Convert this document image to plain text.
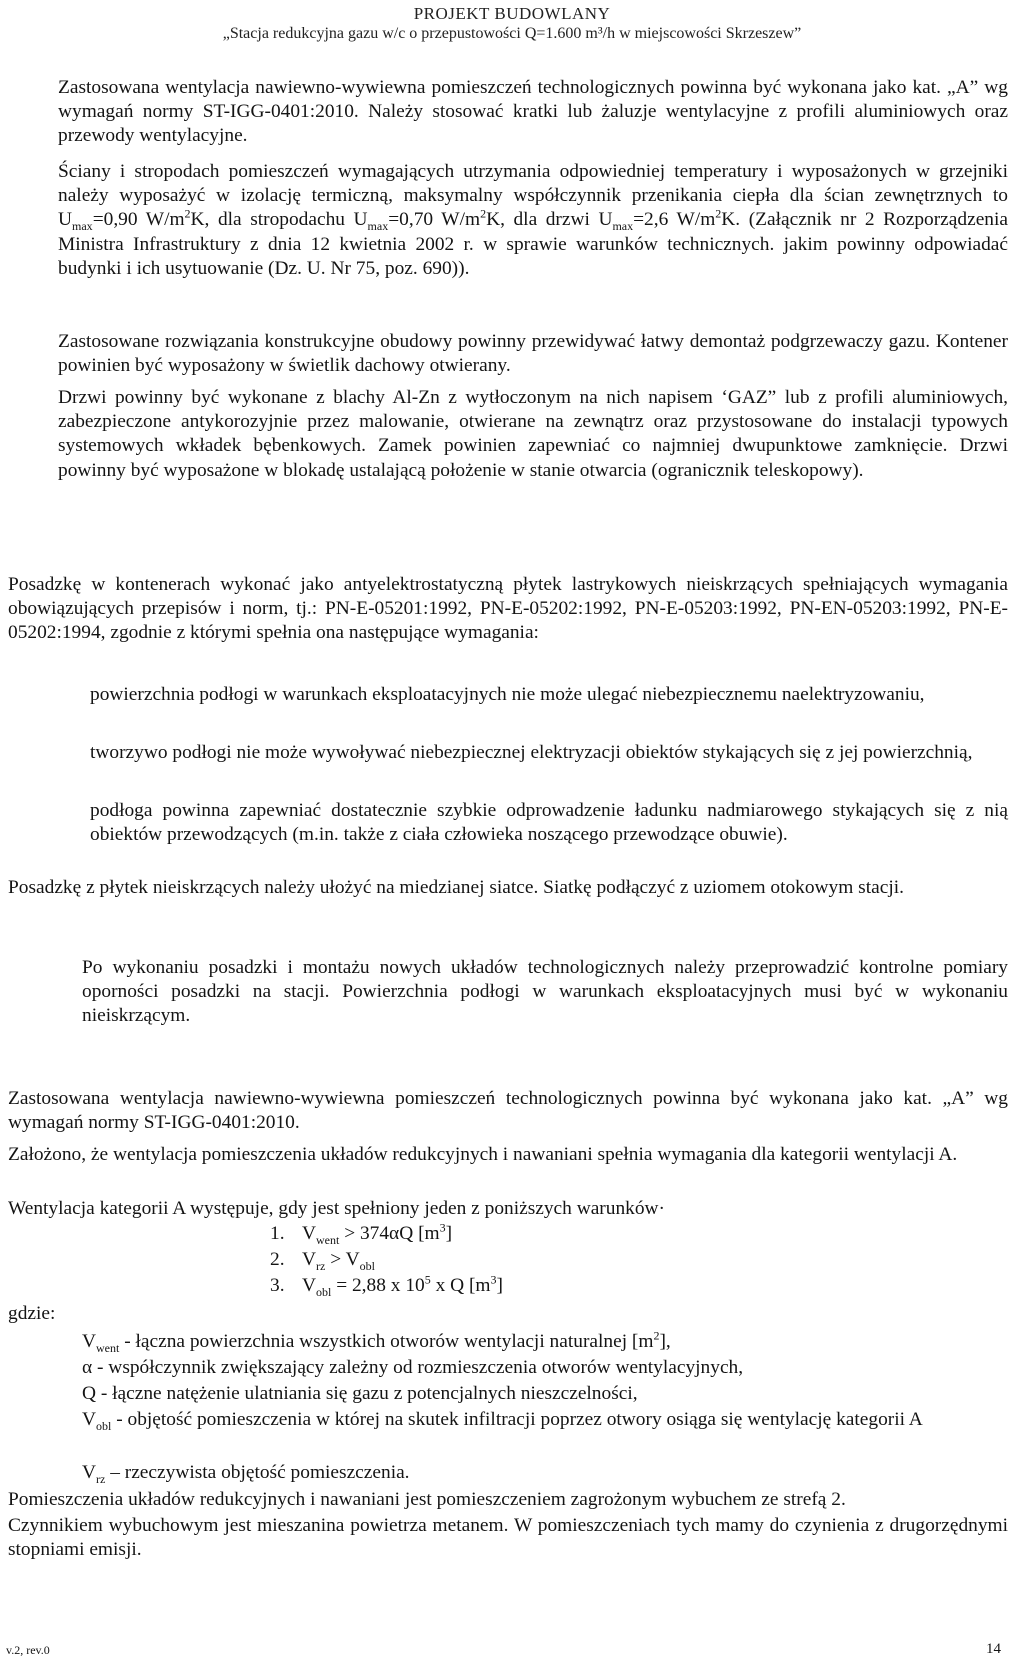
PROJEKT BUDOWLANY
„Stacja redukcyjna gazu w/c o przepustowości Q=1.600 m³/h w miejscowości Skrzeszew”

Zastosowana wentylacja nawiewno-wywiewna pomieszczeń technologicznych powinna być wykonana jako kat. „A” wg wymagań normy ST-IGG-0401:2010. Należy stosować kratki lub żaluzje wentylacyjne z profili aluminiowych oraz przewody wentylacyjne.

Ściany i stropodach pomieszczeń wymagających utrzymania odpowiedniej temperatury i wyposażonych w grzejniki należy wyposażyć w izolację termiczną, maksymalny współczynnik przenikania ciepła dla ścian zewnętrznych to $U_{max}=0,90$ $W/m^2K$, dla stropodachu $U_{max}=0,70$ $W/m^2K$, dla drzwi $U_{max}=2,6$ $W/m^2K$. (Załącznik nr 2 Rozporządzenia Ministra Infrastruktury z dnia 12 kwietnia 2002 r. w sprawie warunków technicznych. jakim powinny odpowiadać budynki i ich usytuowanie (Dz. U. Nr 75, poz. 690)).

Zastosowane rozwiązania konstrukcyjne obudowy powinny przewidywać łatwy demontaż podgrzewaczy gazu. Kontener powinien być wyposażony w świetlik dachowy otwierany.

Drzwi powinny być wykonane z blachy Al-Zn z wytłoczonym na nich napisem ‘GAZ” lub z profili aluminiowych, zabezpieczone antykorozyjnie przez malowanie, otwierane na zewnątrz oraz przystosowane do instalacji typowych systemowych wkładek bębenkowych. Zamek powinien zapewniać co najmniej dwupunktowe zamknięcie. Drzwi powinny być wyposażone w blokadę ustalającą położenie w stanie otwarcia (ogranicznik teleskopowy).

Posadzkę w kontenerach wykonać jako antyelektrostatyczną płytek lastrykowych nieiskrzących spełniających wymagania obowiązujących przepisów i norm, tj.: PN-E-05201:1992, PN-E-05202:1992, PN-E-05203:1992, PN-EN-05203:1992, PN-E-05202:1994, zgodnie z którymi spełnia ona następujące wymagania:

powierzchnia podłogi w warunkach eksploatacyjnych nie może ulegać niebezpiecznemu naelektryzowaniu,

tworzywo podłogi nie może wywoływać niebezpiecznej elektryzacji obiektów stykających się z jej powierzchnią,

podłoga powinna zapewniać dostatecznie szybkie odprowadzenie ładunku nadmiarowego stykających się z nią obiektów przewodzących (m.in. także z ciała człowieka noszącego przewodzące obuwie).

Posadzkę z płytek nieiskrzących należy ułożyć na miedzianej siatce. Siatkę podłączyć z uziomem otokowym stacji.

Po wykonaniu posadzki i montażu nowych układów technologicznych należy przeprowadzić kontrolne pomiary oporności posadzki na stacji. Powierzchnia podłogi w warunkach eksploatacyjnych musi być w wykonaniu nieiskrzącym.

Zastosowana wentylacja nawiewno-wywiewna pomieszczeń technologicznych powinna być wykonana jako kat. „A” wg wymagań normy ST-IGG-0401:2010.

Założono, że wentylacja pomieszczenia układów redukcyjnych i nawaniani spełnia wymagania dla kategorii wentylacji A.

Wentylacja kategorii A występuje, gdy jest spełniony jeden z poniższych warunków·

1. $V_{went} > 374\alpha Q$ $[m^3]$
2. $V_{rz} > V_{obl}$
3. $V_{obl} = 2,88$ x $10^5$ x Q $[m^3]$
gdzie:

$V_{went}$ - łączna powierzchnia wszystkich otworów wentylacji naturalnej $[m^2]$,

α - współczynnik zwiększający zależny od rozmieszczenia otworów wentylacyjnych,

Q - łączne natężenie ulatniania się gazu z potencjalnych nieszczelności,

$V_{obl}$ - objętość pomieszczenia w której na skutek infiltracji poprzez otwory osiąga się wentylację kategorii A

$V_{rz}$ – rzeczywista objętość pomieszczenia.

Pomieszczenia układów redukcyjnych i nawaniani jest pomieszczeniem zagrożonym wybuchem ze strefą 2.

Czynnikiem wybuchowym jest mieszanina powietrza metanem. W pomieszczeniach tych mamy do czynienia z drugorzędnymi stopniami emisji.

v.2, rev.0	14
